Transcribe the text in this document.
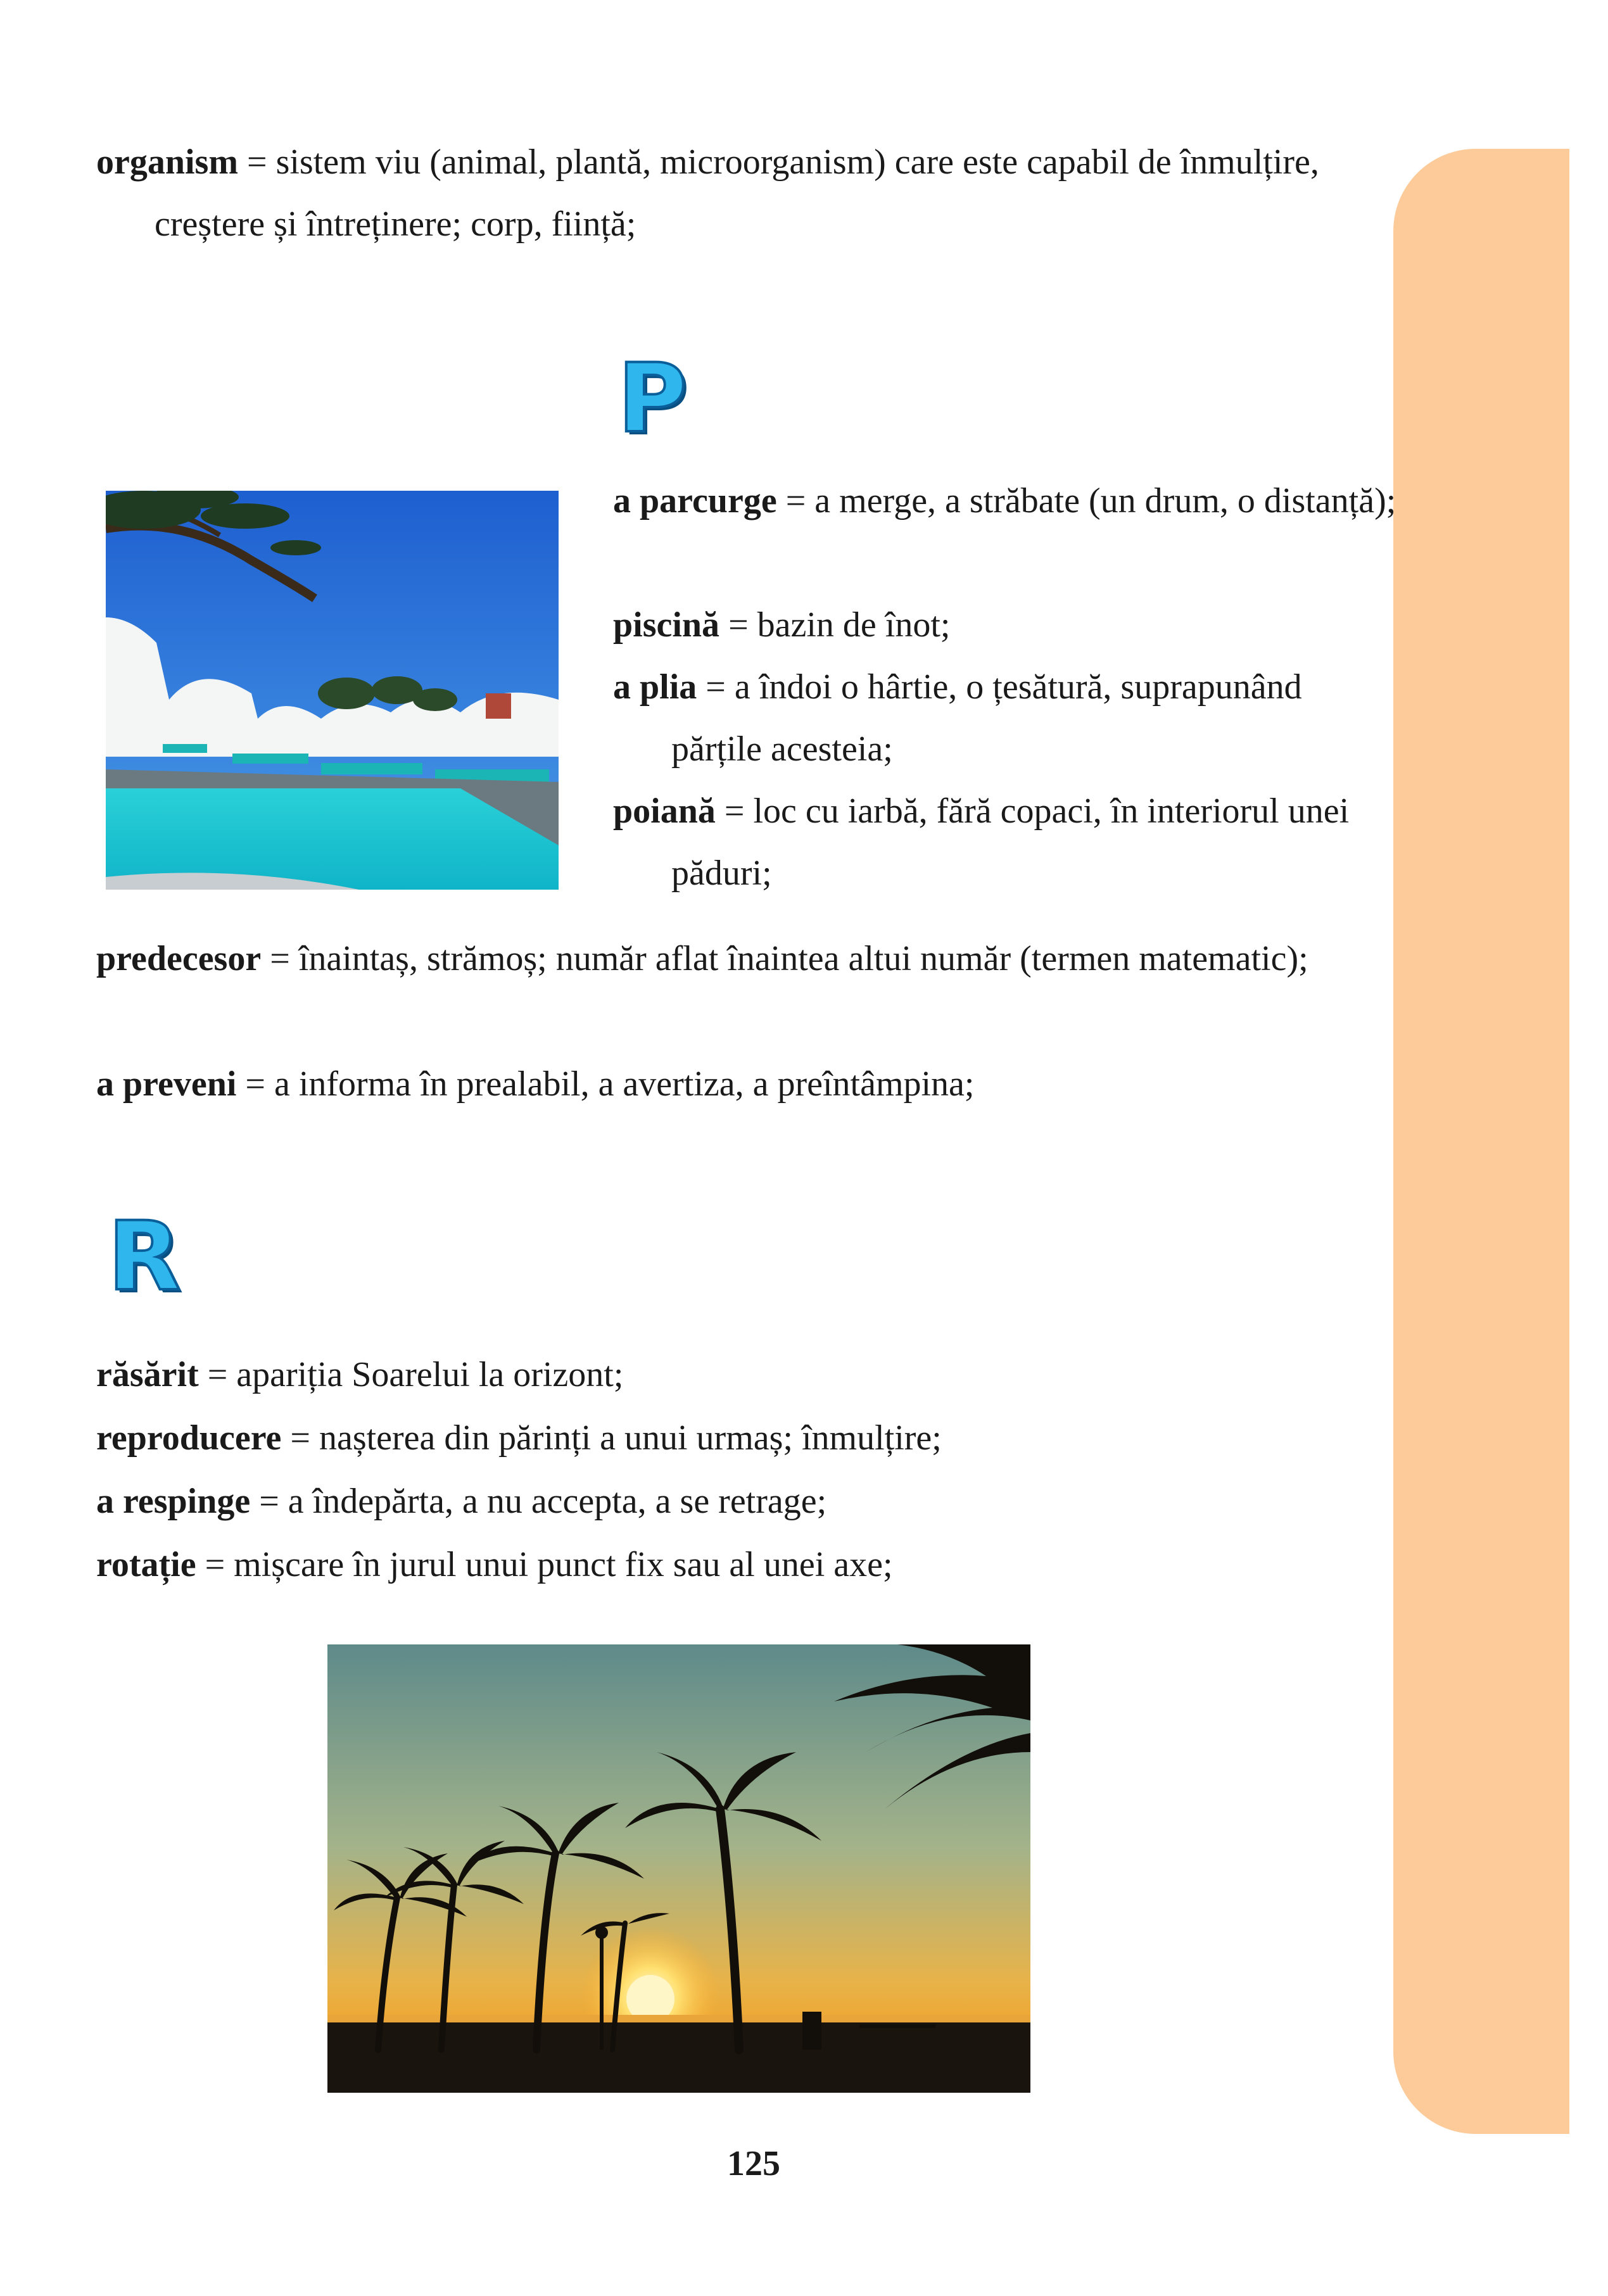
organism = sistem viu (animal, plantă, microorganism) care este capabil de înmulțire, creștere și întreținere; corp, ființă;
P
a parcurge = a merge, a străbate (un drum, o distanță);
piscină = bazin de înot;
a plia = a îndoi o hârtie, o țesătură, suprapunând părțile acesteia;
poiană = loc cu iarbă, fără copaci, în interiorul unei păduri;
predecesor = înaintaș, strămoș; număr aflat înaintea altui număr (termen matematic);
a preveni = a informa în prealabil, a avertiza, a preîntâmpina;
R
răsărit = apariția Soarelui la orizont;
reproducere = nașterea din părinți a unui urmaș; înmulțire;
a respinge = a îndepărta, a nu accepta, a se retrage;
rotație = mișcare în jurul unui punct fix sau al unei axe;
125
